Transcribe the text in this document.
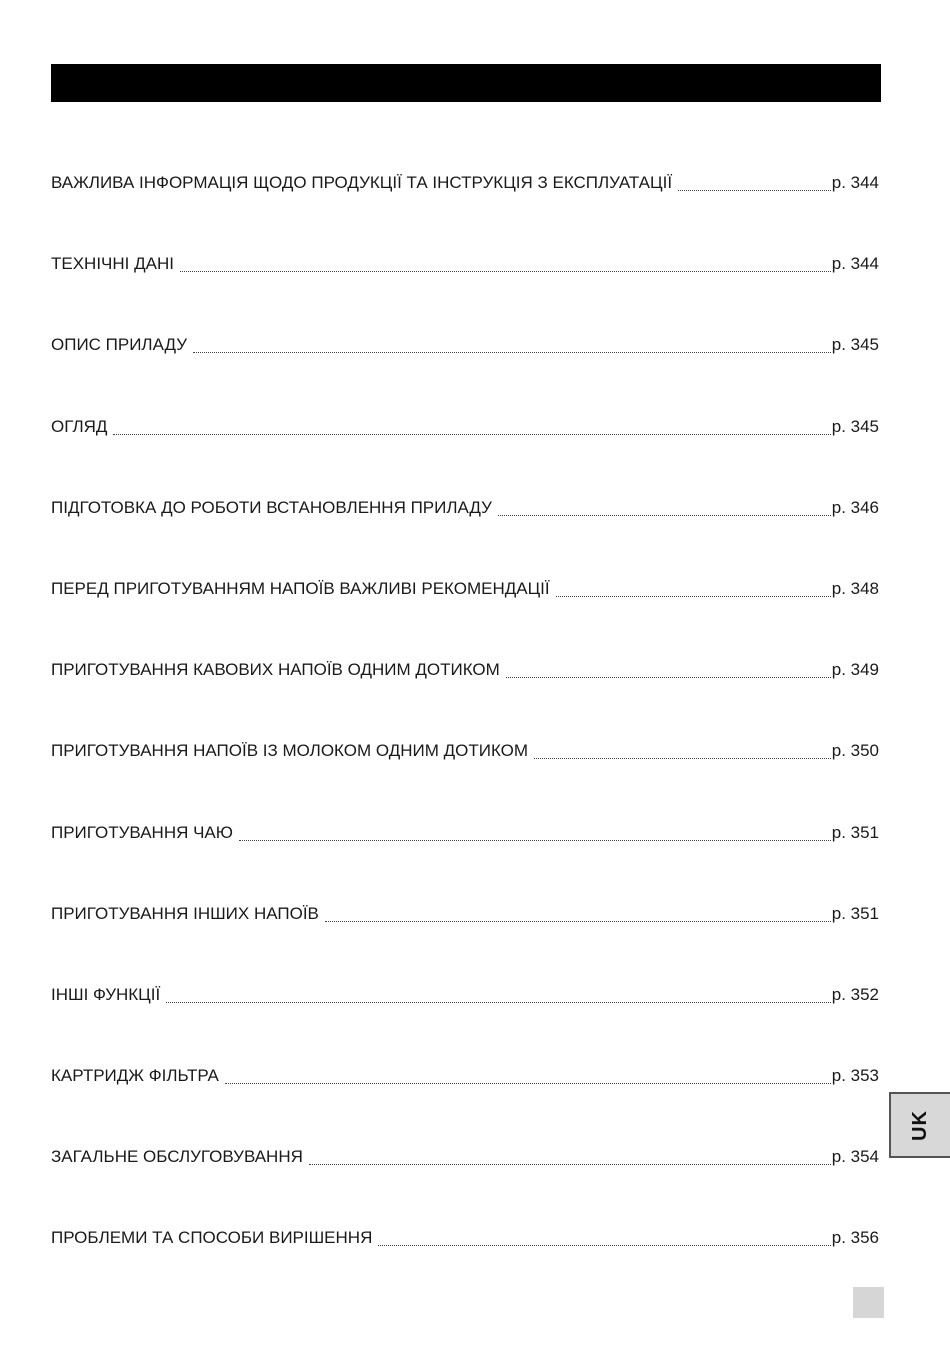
ВАЖЛИВА ІНФОРМАЦІЯ ЩОДО ПРОДУКЦІЇ ТА ІНСТРУКЦІЯ З ЕКСПЛУАТАЦІЇ	p. 344
ТЕХНІЧНІ ДАНІ	p. 344
ОПИС ПРИЛАДУ	p. 345
ОГЛЯД	p. 345
ПІДГОТОВКА ДО РОБОТИ ВСТАНОВЛЕННЯ ПРИЛАДУ	p. 346
ПЕРЕД ПРИГОТУВАННЯМ НАПОЇВ ВАЖЛИВІ РЕКОМЕНДАЦІЇ	p. 348
ПРИГОТУВАННЯ КАВОВИХ НАПОЇВ ОДНИМ ДОТИКОМ	p. 349
ПРИГОТУВАННЯ НАПОЇВ ІЗ МОЛОКОМ ОДНИМ ДОТИКОМ	p. 350
ПРИГОТУВАННЯ ЧАЮ	p. 351
ПРИГОТУВАННЯ ІНШИХ НАПОЇВ	p. 351
ІНШІ ФУНКЦІЇ	p. 352
КАРТРИДЖ ФІЛЬТРА	p. 353
ЗАГАЛЬНЕ ОБСЛУГОВУВАННЯ	p. 354
ПРОБЛЕМИ ТА СПОСОБИ ВИРІШЕННЯ	p. 356
UK
